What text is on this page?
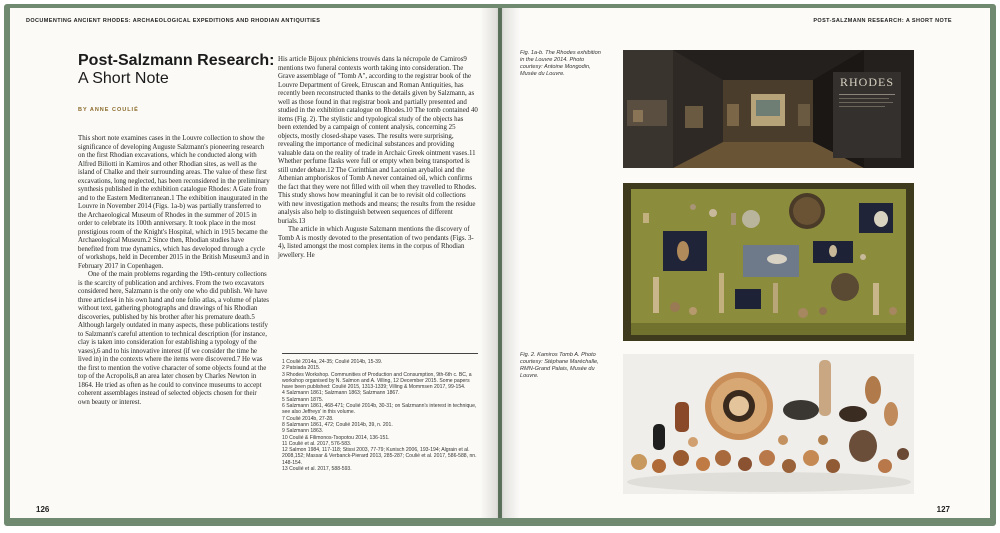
DOCUMENTING ANCIENT RHODES: ARCHAEOLOGICAL EXPEDITIONS AND RHODIAN ANTIQUITIES
Post-Salzmann Research:
A Short Note
BY ANNE COULIÉ

This short note examines cases in the Louvre collection to show the significance of developing Auguste Salzmann's pioneering research on the first Rhodian excavations, which he conducted along with Alfred Biliotti in Kamiros and other Rhodian sites, as well as the island of Chalke and their surrounding areas. The value of these first excavations, long neglected, has been reconsidered in the preliminary synthesis published in the exhibition catalogue Rhodes: A Gate from and to the Eastern Mediterranean.1 The exhibition inaugurated in the Louvre in November 2014 (Figs. 1a-b) was partially transferred to the Archaeological Museum of Rhodes in the summer of 2015 in order to celebrate its 100th anniversary. It took place in the most prestigious room of the Knight's Hospital, which in 1915 became the Archaeological Museum.2 Since then, Rhodian studies have benefited from true dynamics, which has developed through a cycle of workshops, held in December 2015 in the British Museum3 and in February 2017 in Copenhagen.

One of the main problems regarding the 19th-century collections is the scarcity of publication and archives. From the two excavators considered here, Salzmann is the only one who did publish. We have three articles4 in his own hand and one folio atlas, a volume of plates without text, gathering photographs and drawings of his Rhodian discoveries, published by his brother after his premature death.5 Although largely outdated in many aspects, these publications testify to Salzmann's careful attention to technical description (for instance, clay is taken into consideration for establishing a typology of the vases),6 and to his innovative interest (if we consider the time he lived in) in the contexts where the items were discovered.7 He was the first to mention the votive character of some objects found at the top of the Acropolis,8 an area later chosen by Charles Newton in 1864. He tried as often as he could to convince museums to accept coherent assemblages instead of selected objects chosen for their own beauty or interest.

His article Bijoux phéniciens trouvés dans la nécropole de Camiros9 mentions two funeral contexts worth taking into consideration. The Grave assemblage of "Tomb A", according to the registrar book of the Louvre Department of Greek, Etruscan and Roman Antiquities, has recently been reconstructed thanks to the details given by Salzmann, as well as those found in that registrar book and partially presented and studied in the exhibition catalogue on Rhodes.10 The tomb contained 40 items (Fig. 2). The stylistic and typological study of the objects has been extended by a campaign of content analysis, concerning 25 objects, mostly closed-shape vases. The results were surprising, revealing the importance of medicinal substances and providing valuable data on the reality of trade in Archaic Greek ointment vases.11 Whether perfume flasks were full or empty when being transported is still under debate.12 The Corinthian and Laconian aryballoi and the Athenian amphoriskos of Tomb A never contained oil, which confirms the fact that they were not filled with oil when they travelled to Rhodes. This study shows how meaningful it can be to revisit old collections with new investigation methods and means; the results from the residue analysis also help to distinguish between sequences of different burials.13

The article in which Auguste Salzmann mentions the discovery of Tomb A is mostly devoted to the presentation of two pendants (Figs. 3-4), listed amongst the most complex items in the corpus of Rhodian jewellery. He

1 Coulié 2014a, 24-35; Coulié 2014b, 15-39.
2 Patsiada 2015.
3 Rhodes Workshop. Communities of Production and Consumption, 9th-6th c. BC, a workshop organised by N. Salmon and A. Villing, 12 December 2015. Some papers have been published: Coulié 2015, 1313-1339; Villing & Mommsen 2017, 99-154.
4 Salzmann 1861; Salzmann 1863; Salzmann 1867.
5 Salzmann 1875.
6 Salzmann 1861, 468-471; Coulié 2014b, 30-31; on Salzmann's interest in technique, see also Jeffreys' in this volume.
7 Coulié 2014b, 27-28.
8 Salzmann 1861, 472; Coulié 2014b, 39, n. 201.
9 Salzmann 1863.
10 Coulié & Filimonos-Tsopotou 2014, 136-151.
11 Coulié et al. 2017, 576-583.
12 Salmon 1984, 117-118; Stissi 2003, 77-79; Kunisch 2006, 193-194; Algrain et al. 2008,152; Massar & Verbanck-Pierard 2013, 285-287; Coulié et al. 2017, 586-588, nn. 148-154.
13 Coulié et al. 2017, 588-593.
126
POST-SALZMANN RESEARCH: A SHORT NOTE
Fig. 1a-b. The Rhodes exhibition in the Louvre 2014. Photo courtesy: Antoine Mongodin, Musée du Louvre.
Fig. 2. Kamiros Tomb A. Photo courtesy: Stéphane Maréchalle, RMN-Grand Palais, Musée du Louvre.
RHODES
127
